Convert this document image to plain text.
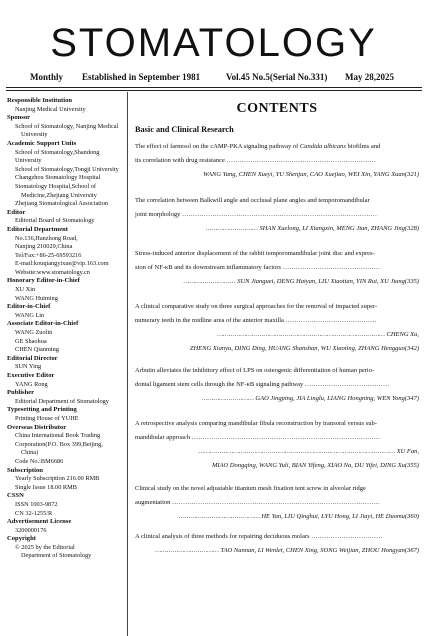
STOMATOLOGY
Monthly Established in September 1981	Vol.45 No.5(Serial No.331) May 28,2025
Responsible Institution
Nanjing Medical University
Sponsor
School of Stomatology, Nanjing Medical
University
Academic Support Units
School of Stomatology,Shandong University
School of Stomatology,Tongji University
Changzhou Stomatology Hospital
Stomatology Hospital,School of
Medicine,Zhejiang University
Zhejiang Stomatological Association
Editor
Editorial Board of Stomatology
Editorial Department
No.136,Hanzhong Road,
Nanjing 210029,China
Tel/Fax:+86-25-69593216
E-mail:kouqiangyixue@vip.163.com
Website:www.stomatology.cn
Honorary Editor-in-Chief
XU Xin
WANG Huiming
Editor-in-Chief
WANG Lin
Associate Editor-in-Chief
WANG Zuolin
GE Shaohua
CHEN Qianming
Editorial Director
SUN Ying
Executive Editor
YANG Rong
Publisher
Editorial Department of Stomatology
Typesetting and Printing
Printing House of YUHE
Overseas Distributor
China International Book Trading
Corporation(P.O. Box 399,Beijing,
China)
Code No.:BM6686
Subscription
Yearly Subscription 216.00 RMB
Single Issue 18.00 RMB
CSSN
ISSN 1003-9872
CN 32-1255/R
Advertisement License
3200000176
Copyright
© 2025 by the Editorial
Department of Stomatology
CONTENTS
Basic and Clinical Research
The effect of farnesol on the cAMP-PKA signaling pathway of Candida albicans biofilms and
its correlation with drug resistance ……………………………………………………………
WANG Yang, CHEN Xueyi, YU Shenjun, CAO Xuejiao, WEI Xin, YANG Xuan(321)
The correlation between Balkwill angle and occlusal plane angles and temporomandibular
joint morphology ………………………………………………………………………………
……………………… SHAN Xuelong, LI Xiangxin, MENG Jian, ZHANG Jing(328)
Stress-induced anterior displacement of the rabbit temporomandibular joint disc and expres-
sion of NF-κB and its downstream inflammatory factors ………………………………………
……………………… SUN Jianguei, DENG Haiyan, LIU Xiaotian, YIN Rui, XU Jiang(335)
A clinical comparative study on three surgical approaches for the removal of impacted super-
numerary teeth in the midline area of the anterior maxilla ……………………………………
…………………………………………………………………………… CHENG Xu,
ZHENG Xianyu, DING Ding, HUANG Shanshan, WU Xiaoting, ZHANG Hengguo(342)
Arbutin alleviates the inhibitory effect of LPS on osteogenic differentiation of human perio-
dontal ligament stem cells through the NF-κB signaling pathway …………………………………
……………………… GAO Jingping, JIA Linglu, LIANG Hongning, WEN Yong(347)
A retrospective analysis comparing mandibular fibula reconstruction by transoral versus sub-
mandibular approach ……………………………………………………………………………
………………………………………………………………………………………… XU Fan,
MIAO Dongqing, WANG Yuli, BIAN Yifeng, XIAO Na, DU Yifei, DING Xu(355)
Clinical study on the novel adjustable titanium mesh fixation tent screw in alveolar ridge
augmentation ……………………………………………………………………………………
…………………………………… HE Yan, LIU Qinghui, LYU Hong, LI Jiayi, HE Duomu(360)
A clinical analysis of three methods for repairing deciduous molars ……………………………
…………………………… TAO Nannan, LI Wenlei, CHEN Xing, SONG Weijian, ZHOU Hongyan(367)
